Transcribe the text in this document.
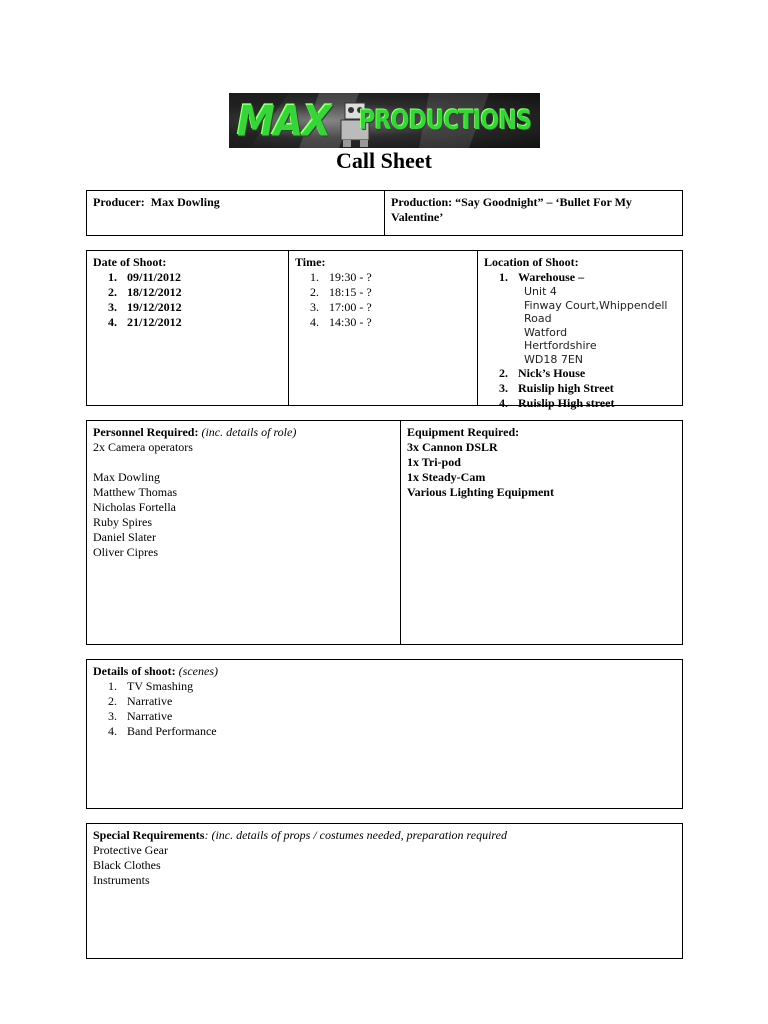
MAX PRODUCTIONS
Call Sheet
Producer: Max Dowling	Production: “Say Goodnight” – ‘Bullet For My Valentine’
Date of Shoot:
1. 09/11/2012
2. 18/12/2012
3. 19/12/2012
4. 21/12/2012
Time:
1. 19:30 - ?
2. 18:15 - ?
3. 17:00 - ?
4. 14:30 - ?
Location of Shoot:
1. Warehouse –
Unit 4
Finway Court,Whippendell
Road
Watford
Hertfordshire
WD18 7EN
2. Nick’s House
3. Ruislip high Street
4. Ruislip High street
Personnel Required: (inc. details of role)
2x Camera operators
Max Dowling
Matthew Thomas
Nicholas Fortella
Ruby Spires
Daniel Slater
Oliver Cipres
Equipment Required:
3x Cannon DSLR
1x Tri-pod
1x Steady-Cam
Various Lighting Equipment
Details of shoot: (scenes)
1. TV Smashing
2. Narrative
3. Narrative
4. Band Performance
Special Requirements: (inc. details of props / costumes needed, preparation required
Protective Gear
Black Clothes
Instruments
